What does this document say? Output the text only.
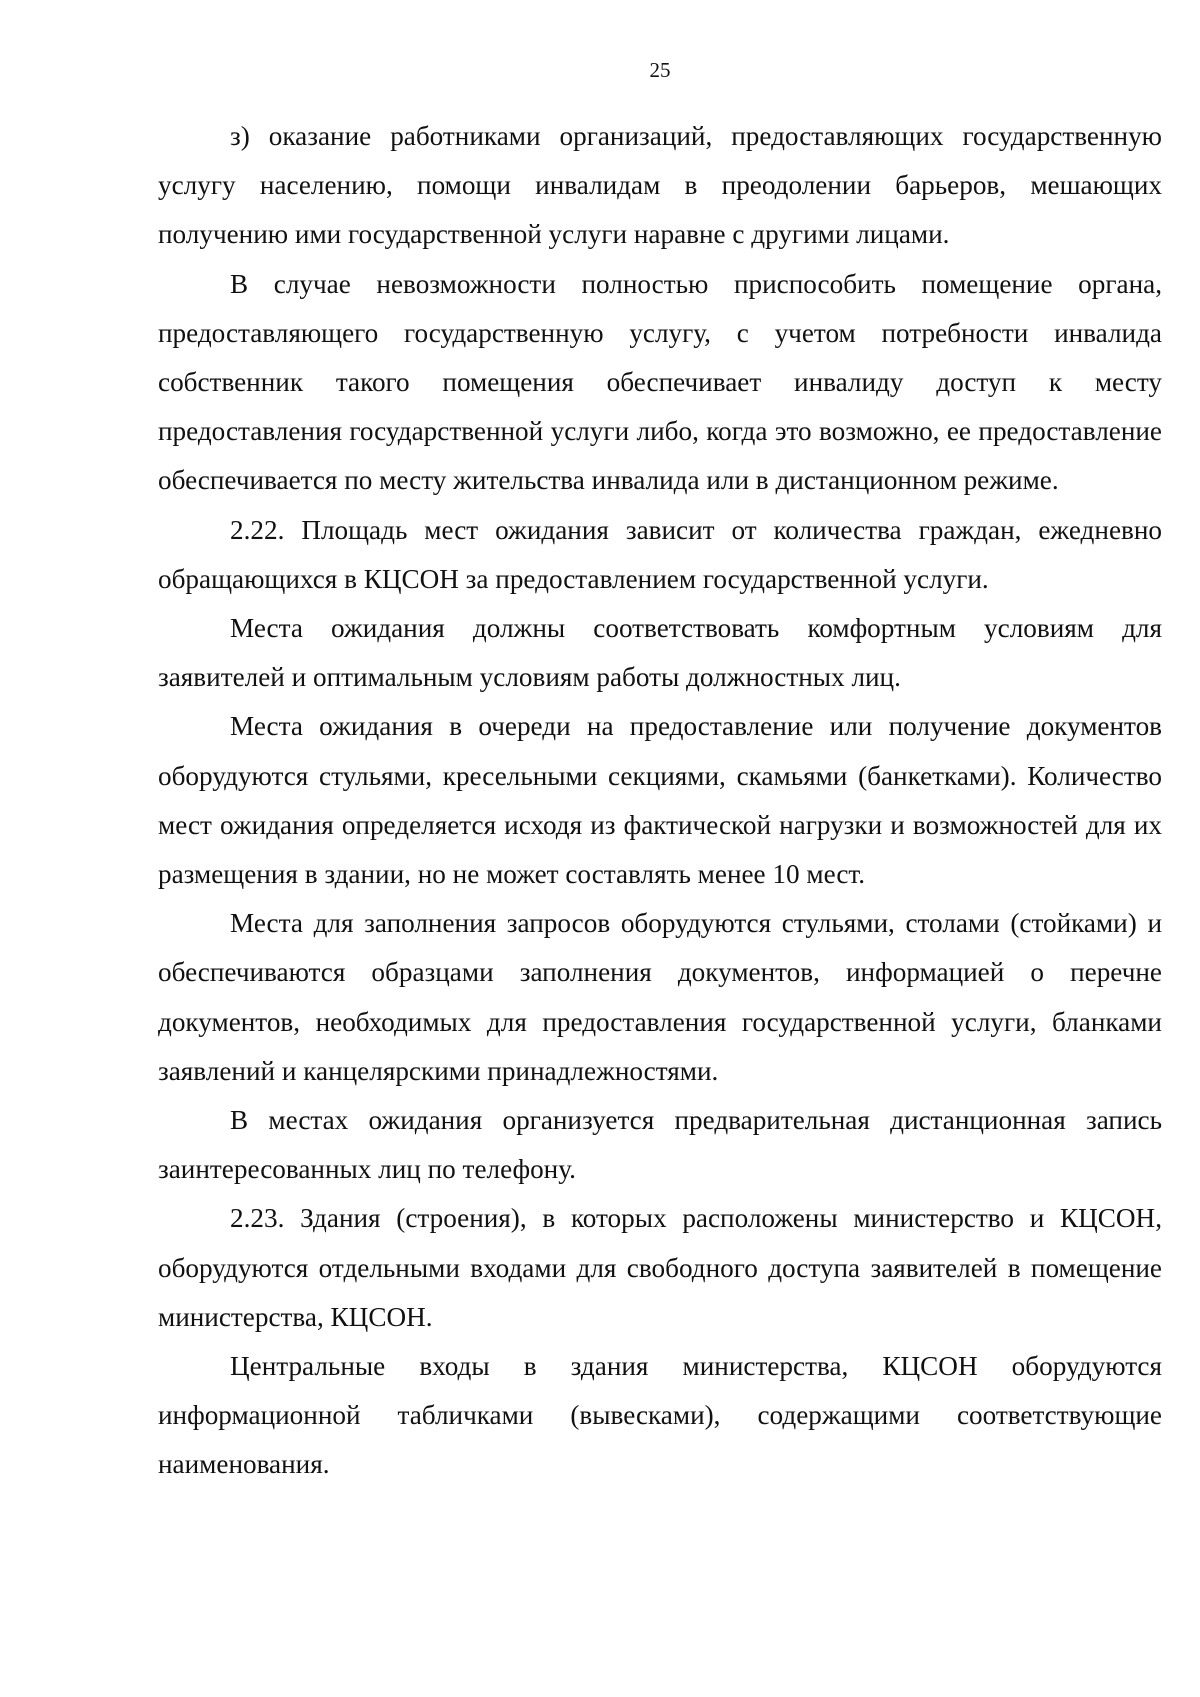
25

з) оказание работниками организаций, предоставляющих государственную услугу населению, помощи инвалидам в преодолении барьеров, мешающих получению ими государственной услуги наравне с другими лицами.

В случае невозможности полностью приспособить помещение органа, предоставляющего государственную услугу, с учетом потребности инвалида собственник такого помещения обеспечивает инвалиду доступ к месту предоставления государственной услуги либо, когда это возможно, ее предоставление обеспечивается по месту жительства инвалида или в дистанционном режиме.

2.22. Площадь мест ожидания зависит от количества граждан, ежедневно обращающихся в КЦСОН за предоставлением государственной услуги.

Места ожидания должны соответствовать комфортным условиям для заявителей и оптимальным условиям работы должностных лиц.

Места ожидания в очереди на предоставление или получение документов оборудуются стульями, кресельными секциями, скамьями (банкетками). Количество мест ожидания определяется исходя из фактической нагрузки и возможностей для их размещения в здании, но не может составлять менее 10 мест.

Места для заполнения запросов оборудуются стульями, столами (стойками) и обеспечиваются образцами заполнения документов, информацией о перечне документов, необходимых для предоставления государственной услуги, бланками заявлений и канцелярскими принадлежностями.

В местах ожидания организуется предварительная дистанционная запись заинтересованных лиц по телефону.

2.23. Здания (строения), в которых расположены министерство и КЦСОН, оборудуются отдельными входами для свободного доступа заявителей в помещение министерства, КЦСОН.

Центральные входы в здания министерства, КЦСОН оборудуются информационной табличками (вывесками), содержащими соответствующие наименования.
